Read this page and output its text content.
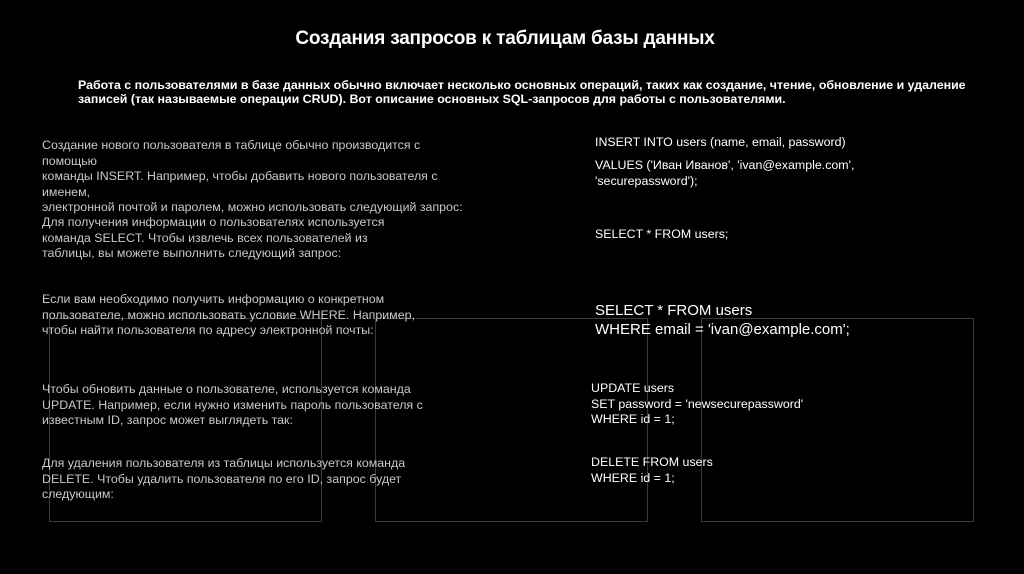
Создания запросов к таблицам базы данных
Работа с пользователями в базе данных обычно включает несколько основных операций, таких как создание, чтение, обновление и удаление
записей (так называемые операции CRUD). Вот описание основных SQL-запросов для работы с пользователями.
Создание нового пользователя в таблице обычно производится с помощью
команды INSERT. Например, чтобы добавить нового пользователя с именем,
электронной почтой и паролем, можно использовать следующий запрос:
INSERT INTO users (name, email, password)
VALUES ('Иван Иванов', 'ivan@example.com',
'securepassword');
Для получения информации о пользователях используется
команда SELECT. Чтобы извлечь всех пользователей из
таблицы, вы можете выполнить следующий запрос:
SELECT * FROM users;
Если вам необходимо получить информацию о конкретном
пользователе, можно использовать условие WHERE. Например,
чтобы найти пользователя по адресу электронной почты:
SELECT * FROM users
WHERE email = 'ivan@example.com';
Чтобы обновить данные о пользователе, используется команда
UPDATE. Например, если нужно изменить пароль пользователя с
известным ID, запрос может выглядеть так:
UPDATE users
SET password = 'newsecurepassword'
WHERE id = 1;
Для удаления пользователя из таблицы используется команда
DELETE. Чтобы удалить пользователя по его ID, запрос будет
следующим:
DELETE FROM users
WHERE id = 1;
